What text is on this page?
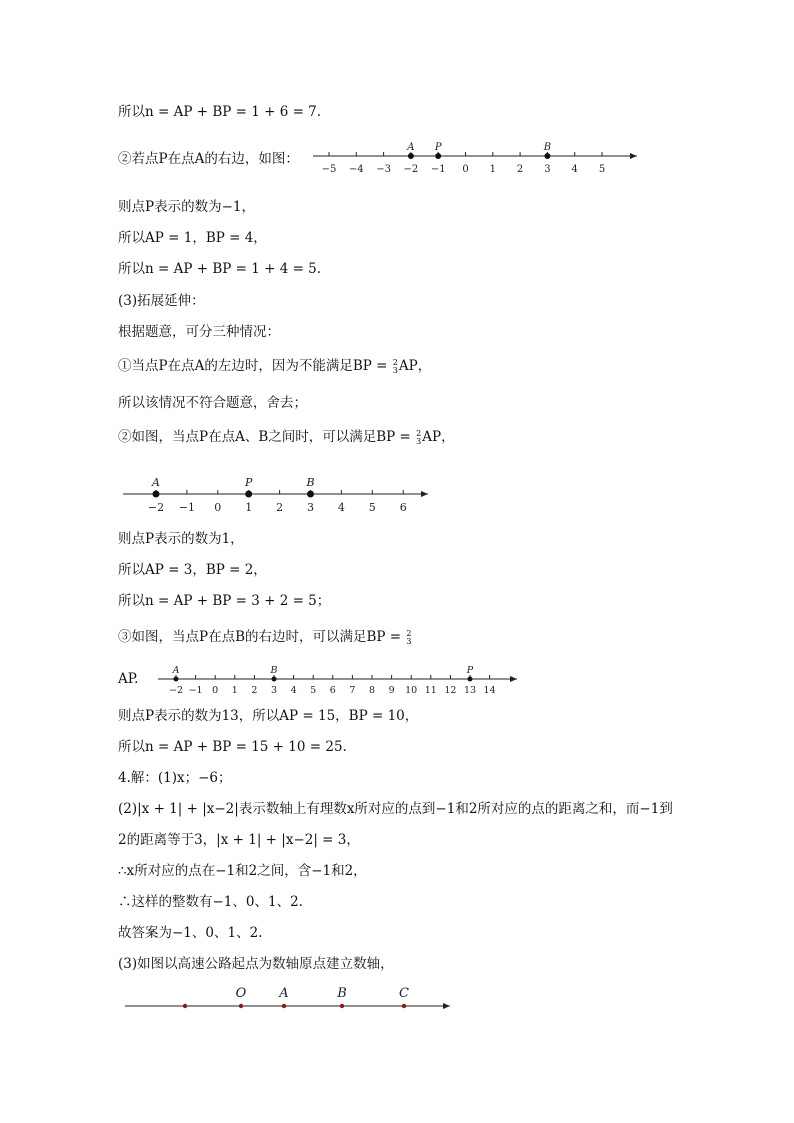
所以n = AP + BP = 1 + 6 = 7.
②若点P在点A的右边，如图：
−5 −4 −3 −2 −1 0 1 2 3 4 5
A P	B
则点P表示的数为−1，
所以AP = 1，BP = 4，
所以n = AP + BP = 1 + 4 = 5.
(3)拓展延伸：
根据题意，可分三种情况：
①当点P在点A的左边时，因为不能满足BP = 2
3 AP，
所以该情况不符合题意，舍去；
②如图，当点P在点A、B之间时，可以满足BP = 2
3 AP，
−2 −1 0 1 2 3 4 5 6
A	P	B
则点P表示的数为1，
所以AP = 3，BP = 2，
所以n = AP + BP = 3 + 2 = 5；
③如图，当点P在点B的右边时，可以满足BP = 2
3
AP.
−2 −1 0 1 2 3 4 5 6 7 8 9 10 11 12 13 14
A	B	P
则点P表示的数为13，所以AP = 15，BP = 10，
所以n = AP + BP = 15 + 10 = 25.
4.解：(1)x；−6；
(2)|x + 1| + |x−2|表示数轴上有理数x所对应的点到−1和2所对应的点的距离之和，而−1到
2的距离等于3，|x + 1| + |x−2| = 3，
∴x所对应的点在−1和2之间，含−1和2，
∴这样的整数有−1、0、1、2.
故答案为−1、0、1、2.
(3)如图以高速公路起点为数轴原点建立数轴，
O	A	B	C
